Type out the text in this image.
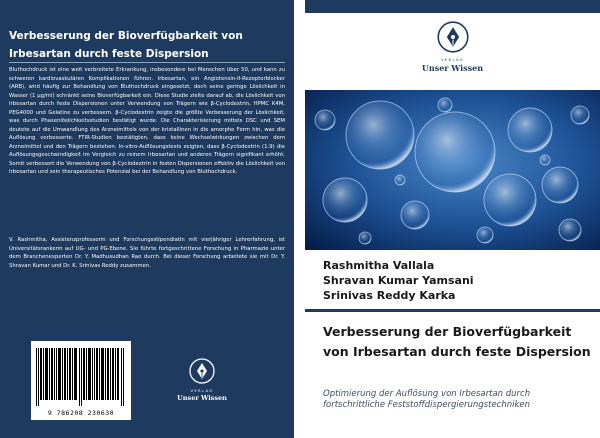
Verbesserung der Bioverfügbarkeit von Irbesartan durch feste Dispersion
Bluthochdruck ist eine weit verbreitete Erkrankung, insbesondere bei Menschen über 50, und kann zu schweren kardiovaskulären Komplikationen führen. Irbesartan, ein Angiotensin-II-Rezeptorblocker (ARB), wird häufig zur Behandlung von Bluthochdruck eingesetzt, doch seine geringe Löslichkeit in Wasser (1 µg/ml) schränkt seine Bioverfügbarkeit ein. Diese Studie zielte darauf ab, die Löslichkeit von Irbesartan durch feste Dispersionen unter Verwendung von Trägern wie β-Cyclodextrin, HPMC K4M, PEG4000 und Gelatine zu verbessern. β-Cyclodextrin zeigte die größte Verbesserung der Löslichkeit, was durch Phasenlöslichkeitsstudien bestätigt wurde. Die Charakterisierung mittels DSC und SEM deutete auf die Umwandlung des Arzneimittels von der kristallinen in die amorphe Form hin, was die Auflösung verbesserte. FTIR-Studien bestätigten, dass keine Wechselwirkungen zwischen dem Arzneimittel und den Trägern bestehen. In-vitro-Auflösungstests zeigten, dass β-Cyclodextrin (1:9) die Auflösungsgeschwindigkeit im Vergleich zu reinem Irbesartan und anderen Trägern signifikant erhöht. Somit verbessert die Verwendung von β-Cyclodextrin in festen Dispersionen effektiv die Löslichkeit von Irbesartan und sein therapeutisches Potenzial bei der Behandlung von Bluthochdruck.
V. Rashmitha, Assistenzprofessorin und Forschungsstipendiatin mit vierjähriger Lehrerfahrung, ist Universitätsrankerin auf UG- und PG-Ebene. Sie führte fortgeschrittene Forschung in Pharmazie unter dem Branchenexperten Dr. Y. Madhusudhan Rao durch. Bei dieser Forschung arbeitete sie mit Dr. Y. Shravan Kumar und Dr. K. Srinivas Reddy zusammen.
9 786208 230630
VERLAG
Unser Wissen
VERLAG
Unser Wissen
Rashmitha Vallala
Shravan Kumar Yamsani
Srinivas Reddy Karka
Verbesserung der Bioverfügbarkeit von Irbesartan durch feste Dispersion
Optimierung der Auflösung von Irbesartan durch fortschrittliche Feststoffdispergierungstechniken
